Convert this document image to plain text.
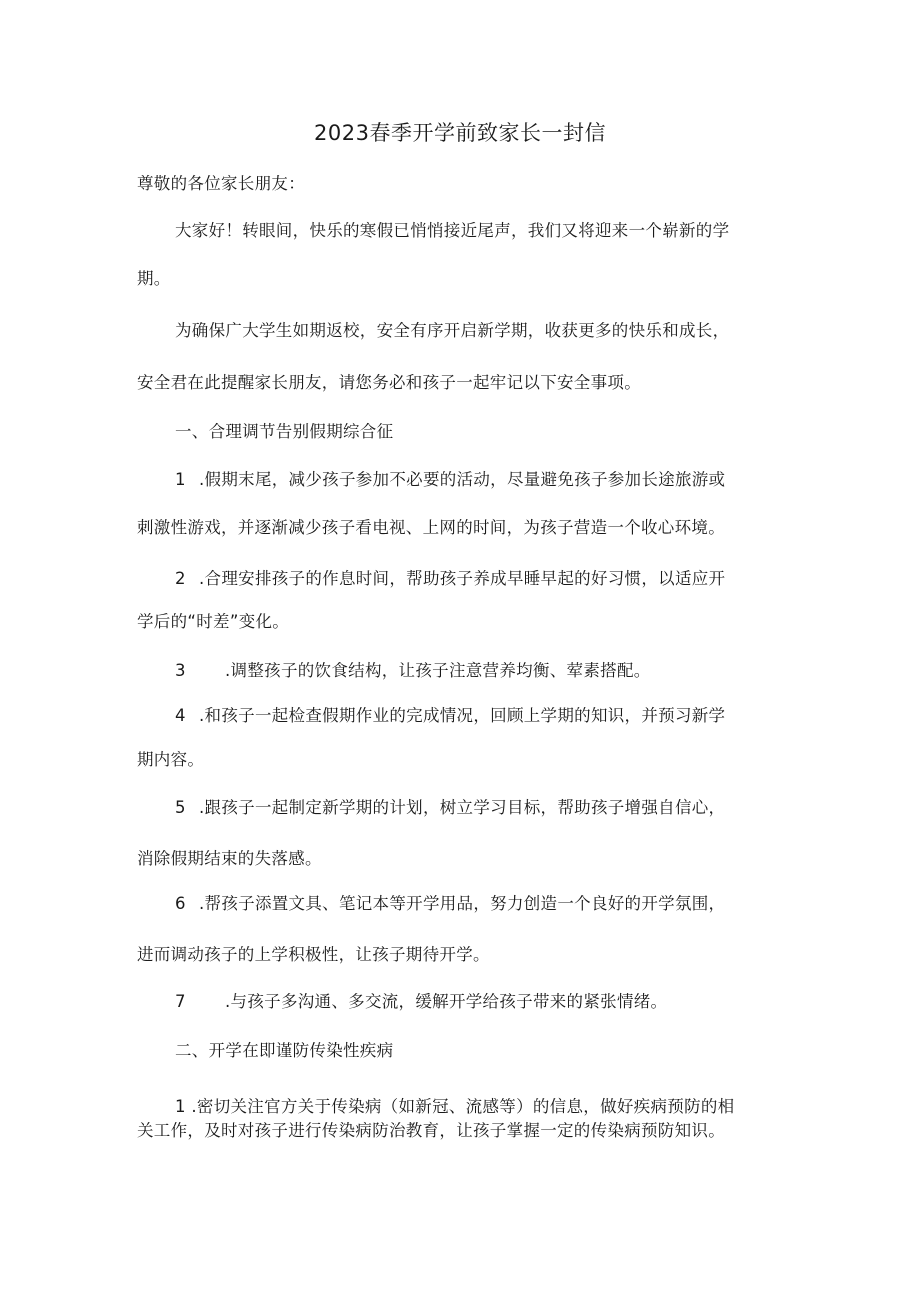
2023春季开学前致家长一封信
尊敬的各位家长朋友：
大家好！转眼间，快乐的寒假已悄悄接近尾声，我们又将迎来一个崭新的学
期。
为确保广大学生如期返校，安全有序开启新学期，收获更多的快乐和成长，
安全君在此提醒家长朋友，请您务必和孩子一起牢记以下安全事项。
一、合理调节告别假期综合征
1 .假期末尾，减少孩子参加不必要的活动，尽量避免孩子参加长途旅游或
刺激性游戏，并逐渐减少孩子看电视、上网的时间，为孩子营造一个收心环境。
2 .合理安排孩子的作息时间，帮助孩子养成早睡早起的好习惯，以适应开
学后的“时差”变化。
3 .调整孩子的饮食结构，让孩子注意营养均衡、荤素搭配。
4 .和孩子一起检查假期作业的完成情况，回顾上学期的知识，并预习新学
期内容。
5 .跟孩子一起制定新学期的计划，树立学习目标，帮助孩子增强自信心，
消除假期结束的失落感。
6 .帮孩子添置文具、笔记本等开学用品，努力创造一个良好的开学氛围，
进而调动孩子的上学积极性，让孩子期待开学。
7 .与孩子多沟通、多交流，缓解开学给孩子带来的紧张情绪。
二、开学在即谨防传染性疾病
1 .密切关注官方关于传染病（如新冠、流感等）的信息，做好疾病预防的相
关工作，及时对孩子进行传染病防治教育，让孩子掌握一定的传染病预防知识。
